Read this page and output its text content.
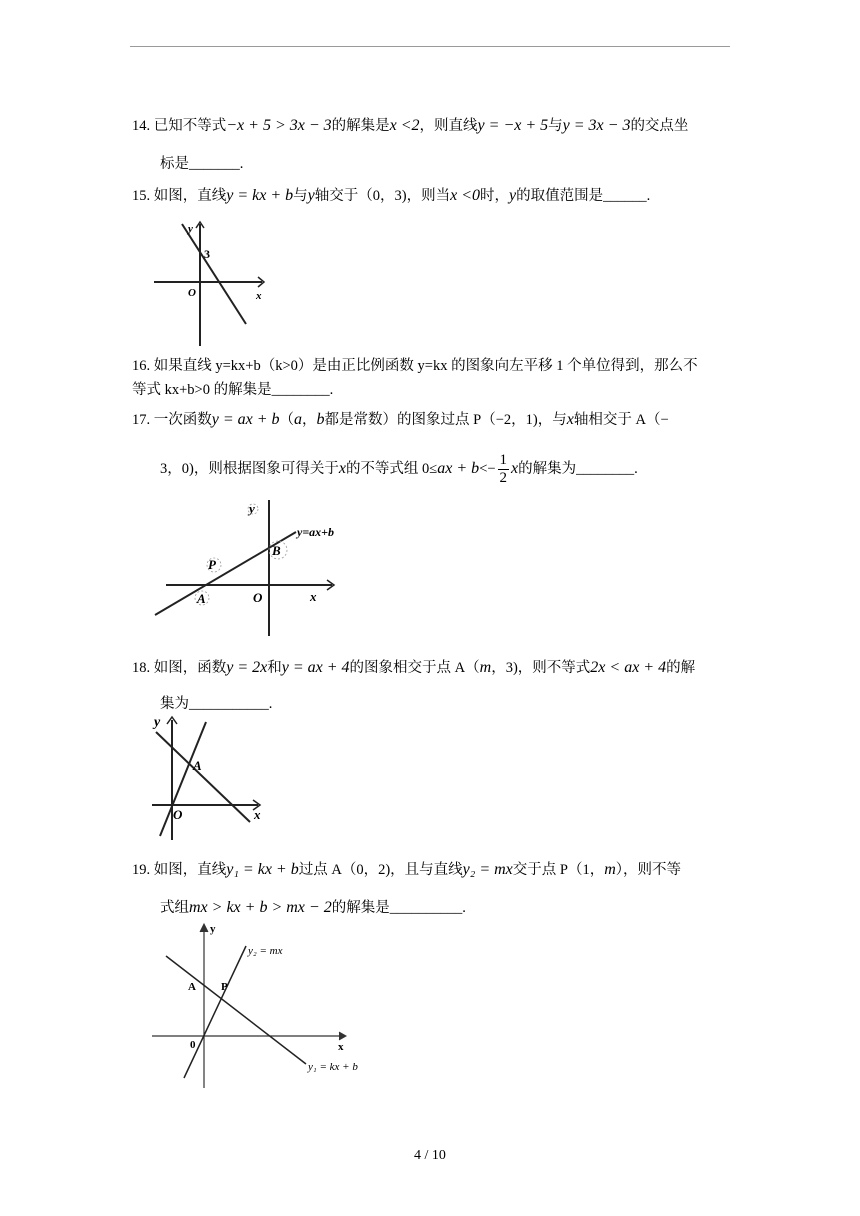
14. 已知不等式−x + 5 > 3x − 3的解集是x <2，则直线y = −x + 5与y = 3x − 3的交点坐
标是_______.
15. 如图，直线y = kx + b与y轴交于（0，3)，则当x <0时，y的取值范围是______.
y
3
O	x
16. 如果直线 y=kx+b（k>0）是由正比例函数 y=kx 的图象向左平移 1 个单位得到，那么不
等式 kx+b>0 的解集是________.
17. 一次函数y = ax + b（a，b都是常数）的图象过点 P（−2，1)，与x轴相交于 A（−
3，0)，则根据图象可得关于x的不等式组 $0\le ax + b<- \frac{1}{2}$ x的解集为________.
y
y=ax+b
B
P
A	O	x
18. 如图，函数y = 2x和y = ax + 4的图象相交于点 A（m，3)，则不等式2x < ax + 4的解
集为___________.
y
A
O	x
19. 如图，直线y₁ = kx + b过点 A（0，2)，且与直线y₂ = mx交于点 P（1，m），则不等
式组mx > kx + b > mx − 2的解集是__________.
y
y₂ = mx
A P
0	x
y₁ = kx + b
4 / 10
